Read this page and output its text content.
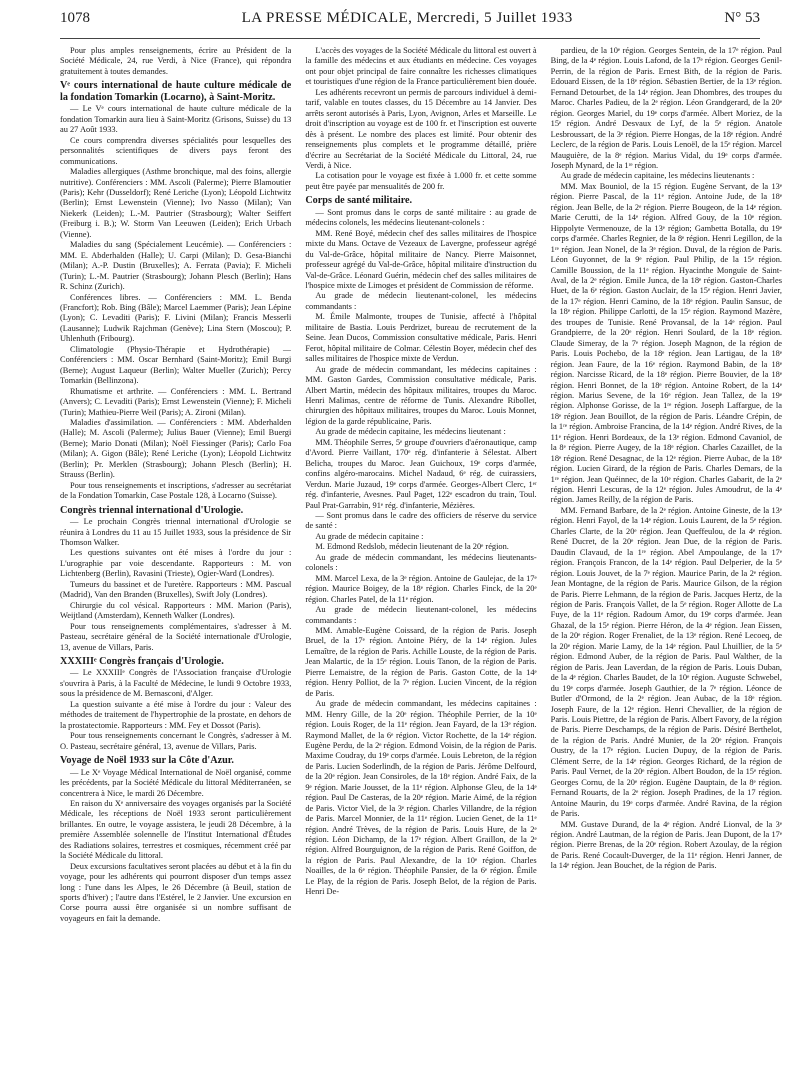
1078	LA PRESSE MÉDICALE, Mercredi, 5 Juillet 1933	N° 53

Pour plus amples renseignements, écrire au Président de la Société Médicale, 24, rue Verdi, à Nice (France), qui répondra gratuitement à toutes demandes.

Vᵉ cours international de haute culture médicale de la fondation Tomarkin (Locarno), à Saint-Moritz.

— Le Vᵉ cours international de haute culture médicale de la fondation Tomarkin aura lieu à Saint-Moritz (Grisons, Suisse) du 13 au 27 Août 1933.

Ce cours comprendra diverses spécialités pour lesquelles des personnalités scientifiques de divers pays feront des communications.

Maladies allergiques (Asthme bronchique, mal des foins, allergie nutritive). Conférenciers : MM. Ascoli (Palerme); Pierre Blamoutier (Paris); Kehr (Dusseldorf); René Leriche (Lyon); Léopold Lichtwitz (Berlin); Ernst Lewenstein (Vienne); Ivo Nasso (Milan); Van Niekerk (Leiden); L.-M. Pautrier (Strasbourg); Walter Seiffert (Freiburg i. B.); W. Storm Van Leeuwen (Leiden); Erich Urbach (Vienne).

Maladies du sang (Spécialement Leucémie). — Conférenciers : MM. E. Abderhalden (Halle); U. Carpi (Milan); D. Gesa-Bianchi (Milan); A.-P. Dustin (Bruxelles); A. Ferrata (Pavia); F. Micheli (Turin); L.-M. Pautrier (Strasbourg); Johann Plesch (Berlin); Hans R. Schinz (Zurich).

Conférences libres. — Conférenciers : MM. L. Benda (Francfort); Rob. Bing (Bâle); Marcel Laemmer (Paris); Jean Lépine (Lyon); C. Levaditi (Paris); F. Livini (Milan); Francis Messerli (Lausanne); Ludwik Rajchman (Genève); Lina Stern (Moscou); P. Uhlenhuth (Fribourg).

Climatologie (Physio-Thérapie et Hydrothérapie) — Conférenciers : MM. Oscar Bernhard (Saint-Moritz); Emil Burgi (Berne); August Laqueur (Berlin); Walter Mueller (Zurich); Percy Tomarkin (Bellinzona).

Rhumatisme et arthrite. — Conférenciers : MM. L. Bertrand (Anvers); C. Levaditi (Paris); Ernst Lewenstein (Vienne); F. Micheli (Turin); Mathieu-Pierre Weil (Paris); A. Zironi (Milan).

Maladies d'assimilation. — Conférenciers : MM. Abderhalden (Halle); M. Ascoli (Palerme); Julius Bauer (Vienne); Emil Buergi (Berne); Mario Donati (Milan); Noël Fiessinger (Paris); Carlo Foa (Milan); A. Gigon (Bâle); René Leriche (Lyon); Léopold Lichtwitz (Berlin); Pr. Merklen (Strasbourg); Johann Plesch (Berlin); H. Strauss (Berlin).

Pour tous renseignements et inscriptions, s'adresser au secrétariat de la Fondation Tomarkin, Case Postale 128, à Locarno (Suisse).

Congrès triennal international d'Urologie.

— Le prochain Congrès triennal international d'Urologie se réunira à Londres du 11 au 15 Juillet 1933, sous la présidence de Sir Thomson Walker.

Les questions suivantes ont été mises à l'ordre du jour : L'urographie par voie descendante. Rapporteurs : M. von Lichtenberg (Berlin), Ravasini (Trieste), Ogier-Ward (Londres).

Tumeurs du bassinet et de l'uretère. Rapporteurs : MM. Pascual (Madrid), Van den Branden (Bruxelles), Swift Joly (Londres).

Chirurgie du col vésical. Rapporteurs : MM. Marion (Paris), Weijtland (Amsterdam), Kenneth Walker (Londres).

Pour tous renseignements complémentaires, s'adresser à M. Pasteau, secrétaire général de la Société internationale d'Urologie, 13, avenue de Villars, Paris.

XXXIIIᵉ Congrès français d'Urologie.

— Le XXXIIIᵉ Congrès de l'Association française d'Urologie s'ouvrira à Paris, à la Faculté de Médecine, le lundi 9 Octobre 1933, sous la présidence de M. Bernasconi, d'Alger.

La question suivante a été mise à l'ordre du jour : Valeur des méthodes de traitement de l'hypertrophie de la prostate, en dehors de la prostatectomie. Rapporteurs : MM. Fey et Dossot (Paris).

Pour tous renseignements concernant le Congrès, s'adresser à M. O. Pasteau, secrétaire général, 13, avenue de Villars, Paris.

Voyage de Noël 1933 sur la Côte d'Azur.

— Le Xᵉ Voyage Médical International de Noël organisé, comme les précédents, par la Société Médicale du littoral Méditerranéen, se concentrera à Nice, le mardi 26 Décembre.

En raison du Xᵉ anniversaire des voyages organisés par la Société Médicale, les réceptions de Noël 1933 seront particulièrement brillantes. En outre, le voyage assistera, le jeudi 28 Décembre, à la première Assemblée solennelle de l'Institut International d'Études des Radiations solaires, terrestres et cosmiques, récemment créé par la Société Médicale du littoral.

Deux excursions facultatives seront placées au début et à la fin du voyage, pour les adhérents qui pourront disposer d'un temps assez long : l'une dans les Alpes, le 26 Décembre (à Beuil, station de sports d'hiver) ; l'autre dans l'Estérel, le 2 Janvier. Une excursion en Corse pourra aussi être organisée si un nombre suffisant de voyageurs en fait la demande.

L'accès des voyages de la Société Médicale du littoral est ouvert à la famille des médecins et aux étudiants en médecine. Ces voyages ont pour objet principal de faire connaître les richesses climatiques et touristiques d'une région de la France particulièrement bien douée.

Les adhérents recevront un permis de parcours individuel à demi-tarif, valable en toutes classes, du 15 Décembre au 14 Janvier. Des arrêts seront autorisés à Paris, Lyon, Avignon, Arles et Marseille. Le droit d'inscription au voyage est de 100 fr. et l'inscription est ouverte dès à présent. Le nombre des places est limité. Pour obtenir des renseignements plus complets et le programme détaillé, prière d'écrire au Secrétariat de la Société Médicale du Littoral, 24, rue Verdi, à Nice.

La cotisation pour le voyage est fixée à 1.000 fr. et cette somme peut être payée par mensualités de 200 fr.

Corps de santé militaire.

— Sont promus dans le corps de santé militaire : au grade de médecins colonels, les médecins lieutenant-colonels :

MM. René Boyé, médecin chef des salles militaires de l'hospice mixte du Mans. Octave de Vezeaux de Lavergne, professeur agrégé du Val-de-Grâce, hôpital militaire de Nancy. Pierre Maisonnet, professeur agrégé du Val-de-Grâce, hôpital militaire d'instruction du Val-de-Grâce. Léonard Guérin, médecin chef des salles militaires de l'hospice mixte de Limoges et président de Commission de réforme.

Au grade de médecin lieutenant-colonel, les médecins commandants :

M. Émile Malmonte, troupes de Tunisie, affecté à l'hôpital militaire de Bastia. Louis Perdrizet, bureau de recrutement de la Seine. Jean Ducos, Commission consultative médicale, Paris. Henri Ferot, hôpital militaire de Colmar. Célestin Boyer, médecin chef des salles militaires de l'hospice mixte de Verdun.

Au grade de médecin commandant, les médecins capitaines : MM. Gaston Gardes, Commission consultative médicale, Paris. Albert Martin, médecin des hôpitaux militaires, troupes du Maroc. Henri Malimas, centre de réforme de Tunis. Alexandre Ribollet, chirurgien des hôpitaux militaires, troupes du Maroc. Louis Monnet, légion de la garde républicaine, Paris.

Au grade de médecin capitaine, les médecins lieutenant :

MM. Théophile Serres, 5ᵉ groupe d'ouvriers d'aéronautique, camp d'Avord. Pierre Vaillant, 170ᵉ rég. d'infanterie à Sélestat. Albert Belicha, troupes du Maroc. Jean Guichoux, 19ᵉ corps d'armée, confins algéro-marocains. Michel Nadaud, 6ᵉ rég. de cuirassiers, Verdun. Marie Juzaud, 19ᵉ corps d'armée. Georges-Albert Clerc, 1ᵉʳ rég. d'infanterie, Avesnes. Paul Paget, 122ᵉ escadron du train, Toul. Paul Prat-Garrabin, 91ᵉ rég. d'infanterie, Mézières.

— Sont promus dans le cadre des officiers de réserve du service de santé :

Au grade de médecin capitaine :

M. Edmond Redslob, médecin lieutenant de la 20ᵉ région.

Au grade de médecin commandant, les médecins lieutenants-colonels :

MM. Marcel Lexa, de la 3ᵉ région. Antoine de Gaulejac, de la 17ᵉ région. Maurice Boigey, de la 18ᵉ région. Charles Finck, de la 20ᵉ région. Charles Patel, de la 11ᵉ région.

Au grade de médecin lieutenant-colonel, les médecins commandants :

MM. Amable-Eugène Coissard, de la région de Paris. Joseph Bruel, de la 17ᵉ région. Antoine Piéry, de la 14ᵉ région. Jules Lemaître, de la région de Paris. Achille Louste, de la région de Paris. Jean Malartic, de la 15ᵉ région. Louis Tanon, de la région de Paris. Pierre Lemaistre, de la région de Paris. Gaston Cotte, de la 14ᵉ région. Henry Polliot, de la 7ᵉ région. Lucien Vincent, de la région de Paris.

Au grade de médecin commandant, les médecins capitaines : MM. Henry Gille, de la 20ᵉ région. Théophile Perrier, de la 10ᵉ région. Louis Roger, de la 11ᵉ région. Jean Fayard, de la 13ᵉ région. Raymond Mallet, de la 6ᵉ région. Victor Rochette, de la 14ᵉ région. Eugène Perdu, de la 2ᵉ région. Edmond Voisin, de la région de Paris. Maxime Coudray, du 19ᵉ corps d'armée. Louis Lebreton, de la région de Paris. Lucien Soderlindh, de la région de Paris. Jérôme Delfourd, de la 20ᵉ région. Jean Consiroles, de la 18ᵉ région. André Faix, de la 9ᵉ région. Marie Jousset, de la 11ᵉ région. Alphonse Gleu, de la 14ᵉ région. Paul De Casteras, de la 20ᵉ région. Marie Aimé, de la région de Paris. Victor Viel, de la 3ᵉ région. Charles Villandre, de la région de Paris. Marcel Monnier, de la 11ᵉ région. Lucien Genet, de la 11ᵉ région. André Trèves, de la région de Paris. Louis Hure, de la 2ᵉ région. Léon Dichamp, de la 17ᵉ région. Albert Graillon, de la 2ᵉ région. Alfred Bourguignon, de la région de Paris. René Goiffon, de la région de Paris. Paul Alexandre, de la 10ᵉ région. Charles Noailles, de la 6ᵉ région. Théophile Pansier, de la 6ᵉ région. Émile Le Play, de la région de Paris. Joseph Belot, de la région de Paris. Henri De-

pardieu, de la 10ᵉ région. Georges Sentein, de la 17ᵉ région. Paul Bing, de la 4ᵉ région. Louis Lafond, de la 17ᵉ région. Georges Genil-Perrin, de la région de Paris. Ernest Bith, de la région de Paris. Edouard Eissen, de la 18ᵉ région. Sébastien Bertier, de la 13ᵉ région. Fernand Detourbet, de la 14ᵉ région. Jean Dhombres, des troupes du Maroc. Charles Padieu, de la 2ᵉ région. Léon Grandgerard, de la 20ᵉ région. Georges Mariel, du 19ᵉ corps d'armée. Albert Moriez, de la 15ᵉ région. André Desvaux de Lyf, de la 5ᵉ région. Anatole Lesbroussart, de la 3ᵉ région. Pierre Hongas, de la 18ᵉ région. André Leclerc, de la région de Paris. Louis Lenoël, de la 15ᵉ région. Marcel Mauguière, de la 8ᵉ région. Marius Vidal, du 19ᵉ corps d'armée. Joseph Mynard, de la 1ʳᵉ région.

Au grade de médecin capitaine, les médecins lieutenants :

MM. Max Bouniol, de la 15 région. Eugène Servant, de la 13ᵉ région. Pierre Pascal, de la 11ᵉ région. Antoine Jude, de la 18ᵉ région. Jean Belle, de la 2ᵉ région. Pierre Bougeon, de la 14ᵉ région. Marie Cerutti, de la 14ᵉ région. Alfred Gouy, de la 10ᵉ région. Hippolyte Vermenouze, de la 13ᵉ région; Gambetta Botalla, du 19ᵉ corps d'armée. Charles Regnier, de la 8ᵉ région. Henri Legillon, de la 1ʳᵉ région. Jean Nonel, de la 3ᵉ région. Duval, de la région de Paris. Léon Guyonnet, de la 9ᵉ région. Paul Philip, de la 15ᵉ région. Camille Boussion, de la 11ᵉ région. Hyacinthe Monguïe de Saint-Aval, de la 2ᵉ région. Emile Junca, de la 18ᵉ région. Gaston-Charles Huet, de la 6ᵉ région. Gaston Auclair, de la 15ᵉ région. Henri Javier, de la 17ᵉ région. Henri Camino, de la 18ᵉ région. Paulin Sansuc, de la 18ᵉ région. Philippe Carlotti, de la 15ᵉ région. Raymond Mazère, des troupes de Tunisie. René Provansal, de la 14ᵉ région. Paul Grandpierre, de la 20ᵉ région. Henri Soulard, de la 18ᵉ région. Claude Simeray, de la 7ᵉ région. Joseph Magnon, de la région de Paris. Louis Pochebo, de la 18ᵉ région. Jean Lartigau, de la 18ᵉ région. Jean Faure, de la 16ᵉ région. Raymond Babin, de la 18ᵉ région. Narcisse Ricard, de la 18ᵉ région. Pierre Bouvier, de la 18ᵉ région. Henri Bonnet, de la 18ᵉ région. Antoine Robert, de la 14ᵉ région. Marius Sevene, de la 16ᵉ région. Jean Tallez, de la 19ᵉ région. Alphonse Gorisse, de la 1ʳᵉ région. Joseph Laffargue, de la 18ᵉ région. Jean Bouillot, de la région de Paris. Léandre Crépin, de la 1ʳᵉ région. Ambroise Francina, de la 14ᵉ région. André Rives, de la 11ᵉ région. Henri Bordeaux, de la 13ᵉ région. Edmond Cavaniol, de la 8ᵉ région. Pierre Augey, de la 18ᵉ région. Charles Cazaillet, de la 18ᵉ région. René Desagnac, de la 12ᵉ région. Pierre Aubac, de la 18ᵉ région. Lucien Girard, de la région de Paris. Charles Demars, de la 1ʳᵉ région. Jean Quéinnec, de la 10ᵉ région. Charles Gabarit, de la 2ᵉ région. Henri Lescuras, de la 12ᵉ région. Jules Amoudrut, de la 4ᵉ région. James Reilly, de la région de Paris.

MM. Fernand Barbare, de la 2ᵉ région. Antoine Gineste, de la 13ᵉ région. Henri Fayol, de la 14ᵉ région. Louis Laurent, de la 5ᵉ région. Charles Clarte, de la 20ᵉ région. Jean Queffeulou, de la 4ᵉ région. René Ducret, de la 20ᵉ région. Jean Due, de la région de Paris. Daudin Clavaud, de la 1ʳᵉ région. Abel Ampoulange, de la 17ᵉ région. François Francon, de la 14ᵉ région. Paul Delperier, de la 5ᵉ région. Louis Jouvet, de la 7ᵉ région. Maurice Parin, de la 2ᵉ région. Jean Montagne, de la région de Paris. Maurice Gilson, de la région de Paris. Pierre Lehmann, de la région de Paris. Jacques Hertz, de la région de Paris. François Vallet, de la 5ᵉ région. Roger Allotte de La Fuye, de la 11ᵉ région. Radoum Amor, du 19ᵉ corps d'armée. Jean Ghazal, de la 15ᵉ région. Pierre Héron, de la 4ᵉ région. Jean Eissen, de la 20ᵉ région. Roger Frenaliet, de la 13ᵉ région. René Lecoeq, de la 20ᵉ région. Marie Lamy, de la 14ᵉ région. Paul Lhuillier, de la 5ᵉ région. Edmond Auber, de la région de Paris. Paul Walther, de la région de Paris. Jean Laverdan, de la région de Paris. Louis Duban, de la 4ᵉ région. Charles Baudet, de la 10ᵉ région. Auguste Schwebel, du 19ᵉ corps d'armée. Joseph Gauthier, de la 7ᵉ région. Léonce de Butler d'Ormond, de la 2ᵉ région. Jean Aubac, de la 18ᵉ région. Joseph Faure, de la 12ᵉ région. Henri Chevallier, de la région de Paris. Louis Piettre, de la région de Paris. Albert Favory, de la région de Paris. Pierre Deschamps, de la région de Paris. Désiré Berthelot, de la région de Paris. André Munier, de la 20ᵉ région. François Oustry, de la 17ᵉ région. Lucien Dupuy, de la région de Paris. Clément Serre, de la 14ᵉ région. Georges Richard, de la région de Paris. Paul Vernet, de la 20ᵉ région. Albert Boudon, de la 15ᵉ région. Georges Cornu, de la 20ᵉ région. Eugène Dauptain, de la 8ᵉ région. Fernand Rouarts, de la 2ᵉ région. Joseph Pradines, de la 17 région. Antoine Maurin, du 19ᵉ corps d'armée. André Ravina, de la région de Paris.

MM. Gustave Durand, de la 4ᵉ région. André Lionval, de la 3ᵉ région. André Lautman, de la région de Paris. Jean Dupont, de la 17ᵉ région. Pierre Brenas, de la 20ᵉ région. Robert Azoulay, de la région de Paris. René Cocault-Duverger, de la 11ᵉ région. Henri Janner, de la 14ᵉ région. Jean Bouchet, de la région de Paris.
